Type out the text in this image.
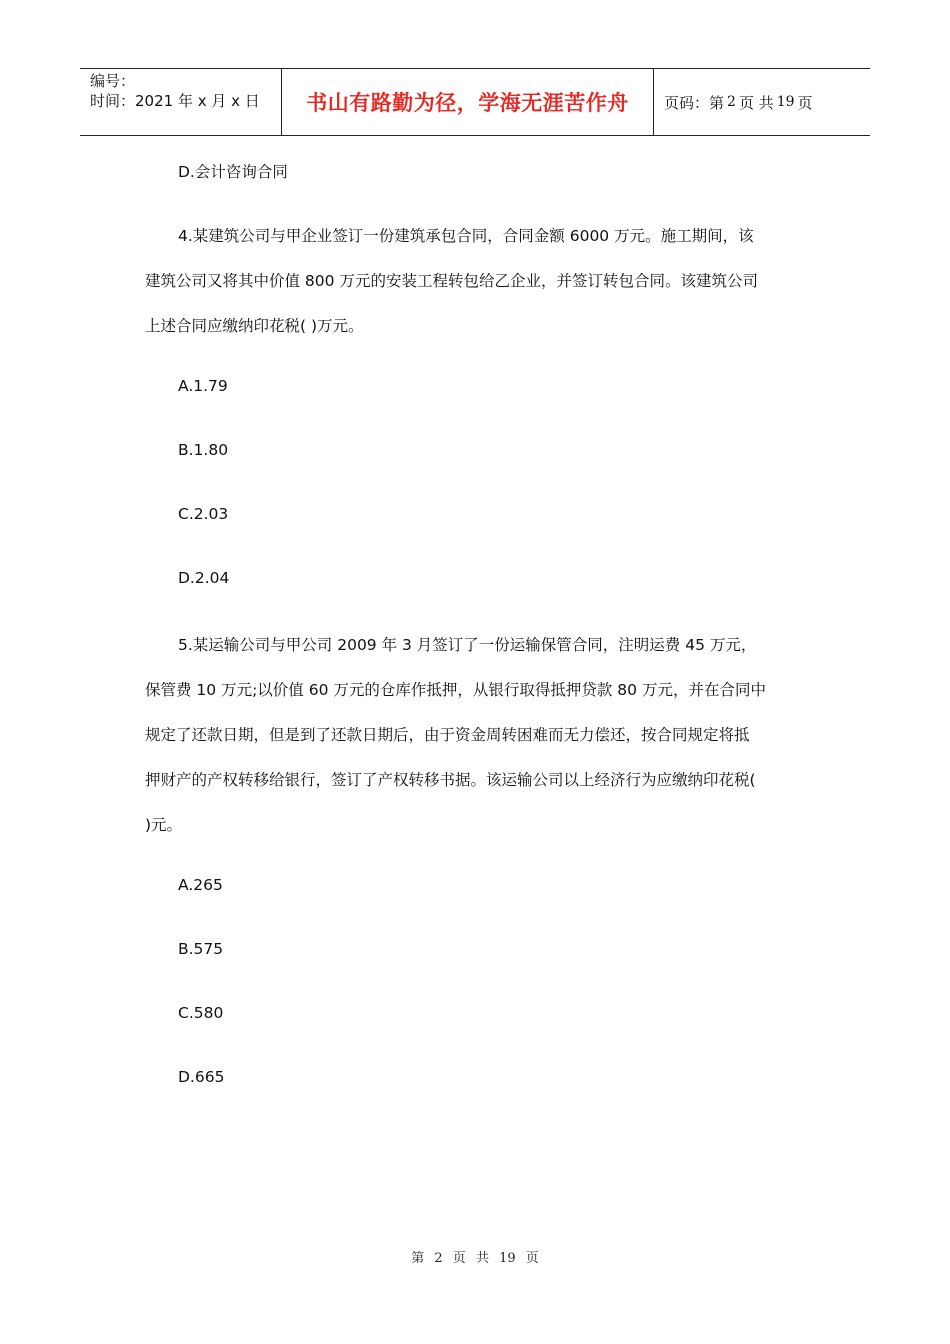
编号：
时间：2021 年 x 月 x 日	书山有路勤为径，学海无涯苦作舟 页码：第 2 页 共 19 页
D.会计咨询合同
4.某建筑公司与甲企业签订一份建筑承包合同，合同金额 6000 万元。施工期间，该
建筑公司又将其中价值 800 万元的安装工程转包给乙企业，并签订转包合同。该建筑公司
上述合同应缴纳印花税( )万元。
A.1.79
B.1.80
C.2.03
D.2.04
5.某运输公司与甲公司 2009 年 3 月签订了一份运输保管合同，注明运费 45 万元，
保管费 10 万元;以价值 60 万元的仓库作抵押，从银行取得抵押贷款 80 万元，并在合同中
规定了还款日期，但是到了还款日期后，由于资金周转困难而无力偿还，按合同规定将抵
押财产的产权转移给银行，签订了产权转移书据。该运输公司以上经济行为应缴纳印花税(
)元。
A.265
B.575
C.580
D.665
第 2 页 共 19 页
